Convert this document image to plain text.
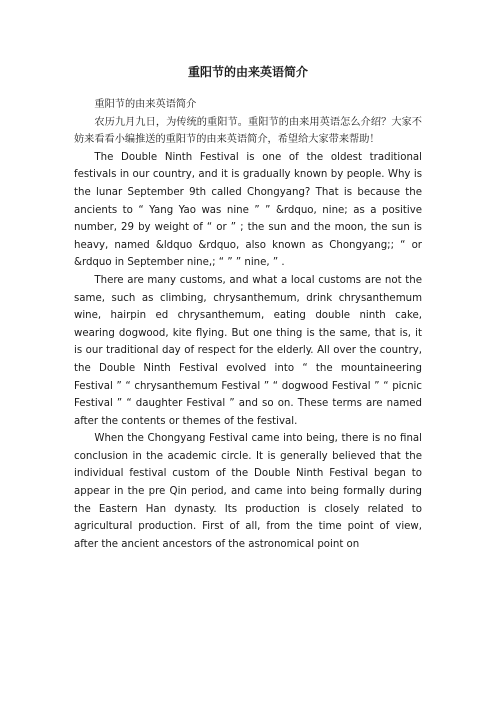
重阳节的由来英语简介

重阳节的由来英语简介

农历九月九日，为传统的重阳节。重阳节的由来用英语怎么介绍？大家不妨来看看小编推送的重阳节的由来英语简介，希望给大家带来帮助！

The Double Ninth Festival is one of the oldest traditional festivals in our country, and it is gradually known by people. Why is the lunar September 9th called Chongyang? That is because the ancients to “ Yang Yao was nine ” ” &rdquo, nine; as a positive number, 29 by weight of “ or ” ; the sun and the moon, the sun is heavy, named &ldquo &rdquo, also known as Chongyang;; “ or &rdquo in September nine,; “ ” ” nine, ” .

There are many customs, and what a local customs are not the same, such as climbing, chrysanthemum, drink chrysanthemum wine, hairpin ed chrysanthemum, eating double ninth cake, wearing dogwood, kite flying. But one thing is the same, that is, it is our traditional day of respect for the elderly. All over the country, the Double Ninth Festival evolved into “ the mountaineering Festival ” “ chrysanthemum Festival ” “ dogwood Festival ” “ picnic Festival ” “ daughter Festival ” and so on. These terms are named after the contents or themes of the festival.

When the Chongyang Festival came into being, there is no final conclusion in the academic circle. It is generally believed that the individual festival custom of the Double Ninth Festival began to appear in the pre Qin period, and came into being formally during the Eastern Han dynasty. Its production is closely related to agricultural production. First of all, from the time point of view, after the ancient ancestors of the astronomical point on
